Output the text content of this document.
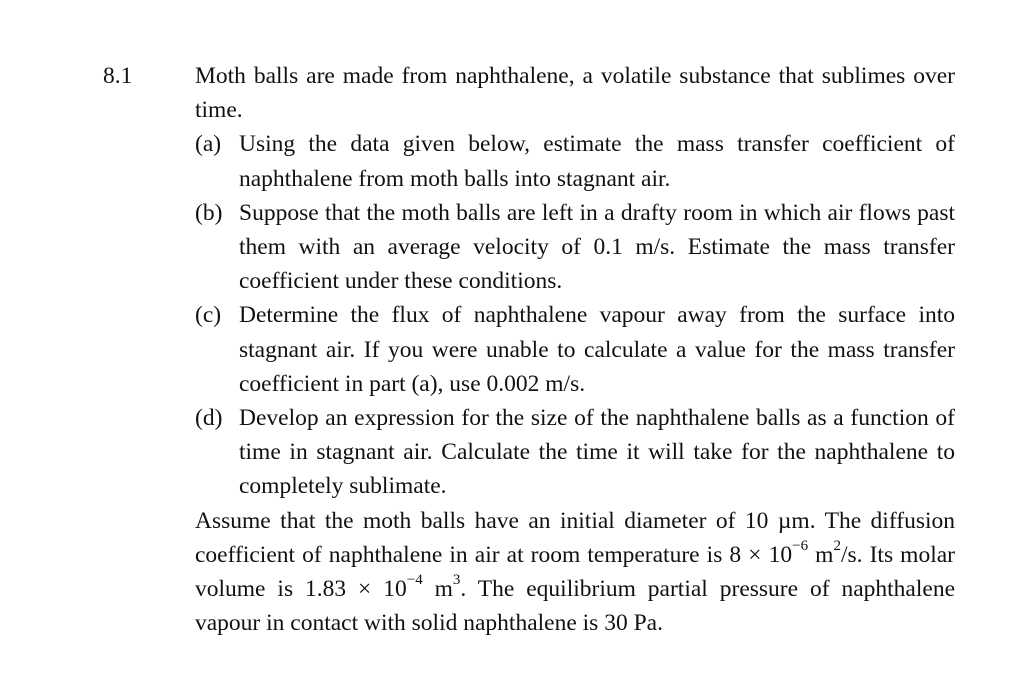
8.1	Moth balls are made from naphthalene, a volatile substance that sublimes over time.

(a) Using the data given below, estimate the mass transfer coefficient of naphthalene from moth balls into stagnant air.
(b) Suppose that the moth balls are left in a drafty room in which air flows past them with an average velocity of 0.1 m/s. Estimate the mass transfer coefficient under these conditions.
(c) Determine the flux of naphthalene vapour away from the surface into stagnant air. If you were unable to calculate a value for the mass transfer coefficient in part (a), use 0.002 m/s.
(d) Develop an expression for the size of the naphthalene balls as a function of time in stagnant air. Calculate the time it will take for the naphthalene to completely sublimate.

Assume that the moth balls have an initial diameter of 10 µm. The diffusion coefficient of naphthalene in air at room temperature is $8 \times 10^{-6}$ $m^2/s$. Its molar volume is $1.83 \times 10^{-4}$ $m^3$. The equilibrium partial pressure of naphthalene vapour in contact with solid naphthalene is 30 Pa.
